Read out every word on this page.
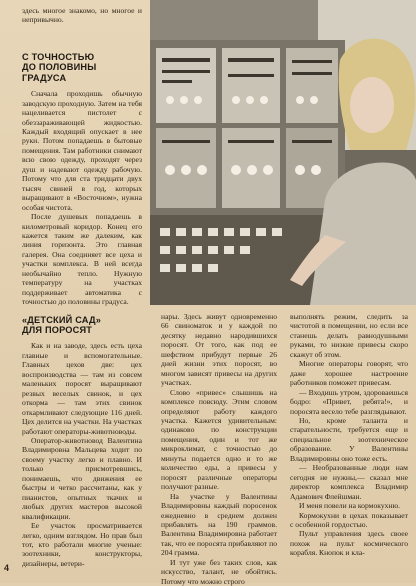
здесь многое знакомо, но многое и непривычно.

С ТОЧНОСТЬЮ
ДО ПОЛОВИНЫ
ГРАДУСА

Сначала проходишь обычную заводскую проходную. Затем на тебя нацеливается пистолет с обеззараживающей жидкостью. Каждый входящий опускает в нее руки. Потом попадаешь в бытовые помещения. Там работники снимают всю свою одежду, проходят через душ и надевают одежду рабочую. Потому что для ста тридцати двух тысяч свиней в год, которых выращивают в «Восточном», нужна особая чистота.

После душевых попадаешь в километровый коридор. Конец его кажется таким же далеким, как линия горизонта. Это главная галерея. Она соединяет все цеха и участки комплекса. В ней всегда необычайно тепло. Нужную температуру на участках поддерживает автоматика с точностью до половины градуса.

«ДЕТСКИЙ САД»
ДЛЯ ПОРОСЯТ

Как и на заводе, здесь есть цеха главные и вспомогательные. Главных цехов две: цех воспроизводства — там из совсем маленьких поросят выращивают резвых веселых свинок, и цех откорма — там этих свинок откармливают следующие 116 дней. Цех делится на участки. На участках работают операторы-животноводы.

Оператор-животновод Валентина Владимировна Мальцева ходит по своему участку легко и плавно. И только присмотревшись, понимаешь, что движения ее быстры и четко рассчитаны, как у пианистов, опытных ткачих и любых других мастеров высокой квалификации.

Ее участок просматривается легко, одним взглядом. Но прав был тот, кто работали многие ученые: зоотехники, конструкторы, дизайнеры, ветери-

нары. Здесь живут одновременно 66 свиноматок и у каждой по десятку недавно народившихся поросят. От того, как под ее шефством прибудут первые 26 дней жизни этих поросят, во многом зависят привесы на других участках.

Слово «привес» слышишь на комплексе повсюду. Этим словом определяют работу каждого участка. Кажется удивительным: одинаково по конструкции помещения, один и тот же микроклимат, с точностью до минуты подается одно и то же количество еды, а привесы у поросят различные операторы получают разные.

На участке у Валентины Владимировны каждый поросенок ежедневно в среднем должен прибавлять на 190 граммов. Валентина Владимировна работает так, что ее поросята прибавляют по 204 грамма.

И тут уже без таких слов, как искусство, талант, не обойтись. Потому что можно строго

выполнять режим, следить за чистотой в помещении, но если все станешь делать равнодушными руками, то низкие привесы скоро скажут об этом.

Многие операторы говорят, что даже хорошее настроение работников поможет привесам.

— Входишь утром, здороваешься бодро: «Привет, ребята!», и поросята весело тебе разглядывают.

Но, кроме таланта и старательности, требуется еще и специальное зоотехническое образование. У Валентины Владимировны оно тоже есть.

— Необразованные люди нам сегодня не нужны,— сказал мне директор комплекса Владимир Адамович Флейшман.

И меня повели на кормокухню.

Кормокухни в цехах показывает с особенной гордостью.

Пульт управления здесь своее похож на пульт космического корабля. Кнопок и кла-

4
